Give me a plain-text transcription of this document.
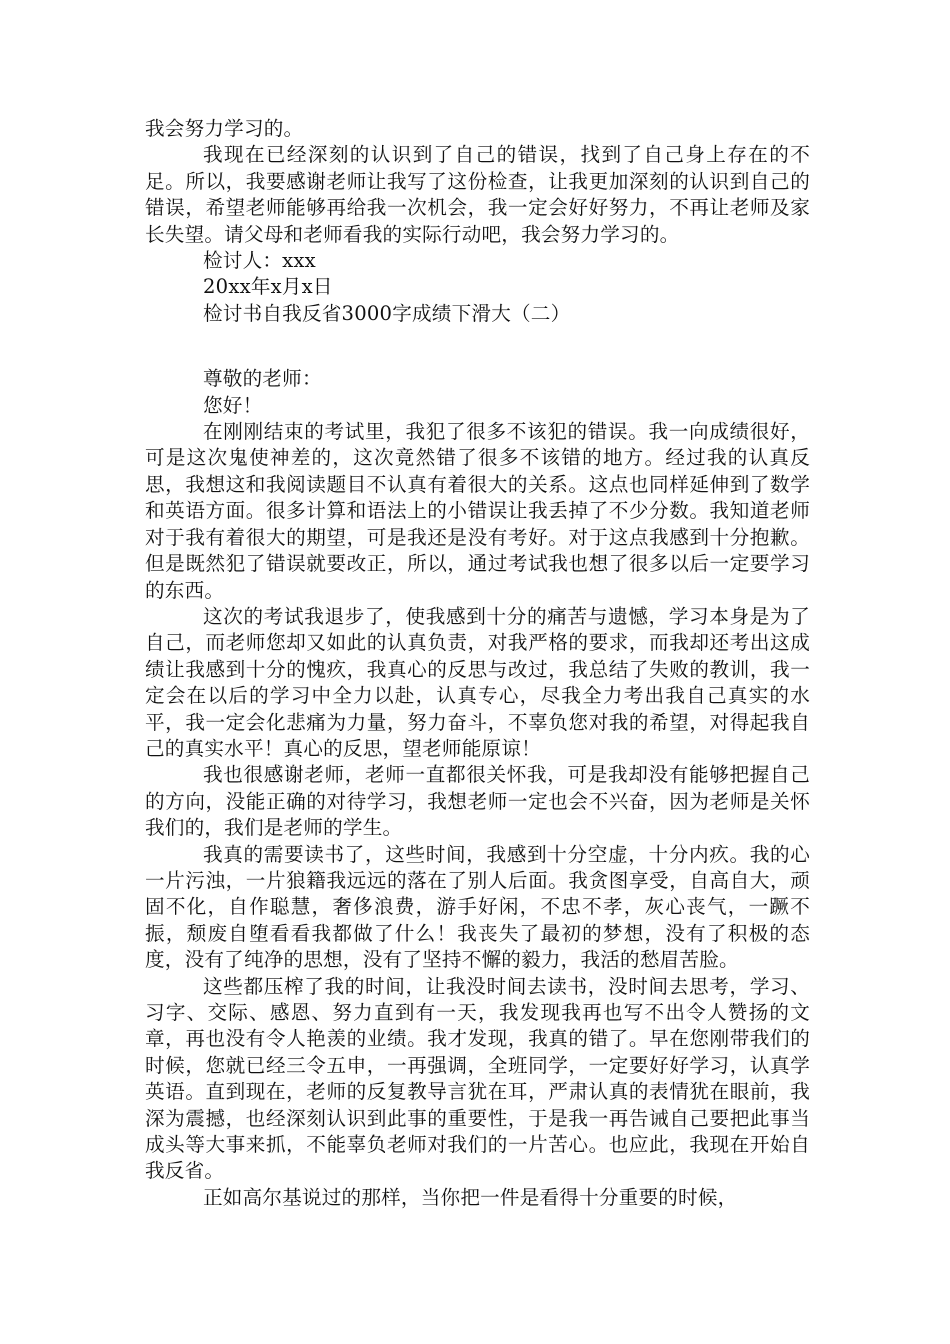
我会努力学习的。

我现在已经深刻的认识到了自己的错误，找到了自己身上存在的不足。所以，我要感谢老师让我写了这份检查，让我更加深刻的认识到自己的错误，希望老师能够再给我一次机会，我一定会好好努力，不再让老师及家长失望。请父母和老师看我的实际行动吧，我会努力学习的。

检讨人：xxx

20xx年x月x日

检讨书自我反省3000字成绩下滑大（二）

尊敬的老师：

您好！

在刚刚结束的考试里，我犯了很多不该犯的错误。我一向成绩很好，可是这次鬼使神差的，这次竟然错了很多不该错的地方。经过我的认真反思，我想这和我阅读题目不认真有着很大的关系。这点也同样延伸到了数学和英语方面。很多计算和语法上的小错误让我丢掉了不少分数。我知道老师对于我有着很大的期望，可是我还是没有考好。对于这点我感到十分抱歉。但是既然犯了错误就要改正，所以，通过考试我也想了很多以后一定要学习的东西。

这次的考试我退步了，使我感到十分的痛苦与遗憾，学习本身是为了自己，而老师您却又如此的认真负责，对我严格的要求，而我却还考出这成绩让我感到十分的愧疚，我真心的反思与改过，我总结了失败的教训，我一定会在以后的学习中全力以赴，认真专心，尽我全力考出我自己真实的水平，我一定会化悲痛为力量，努力奋斗，不辜负您对我的希望，对得起我自己的真实水平！真心的反思，望老师能原谅！

我也很感谢老师，老师一直都很关怀我，可是我却没有能够把握自己的方向，没能正确的对待学习，我想老师一定也会不兴奋，因为老师是关怀我们的，我们是老师的学生。

我真的需要读书了，这些时间，我感到十分空虚，十分内疚。我的心一片污浊，一片狼籍我远远的落在了别人后面。我贪图享受，自高自大，顽固不化，自作聪慧，奢侈浪费，游手好闲，不忠不孝，灰心丧气，一蹶不振，颓废自堕看看我都做了什么！我丧失了最初的梦想，没有了积极的态度，没有了纯净的思想，没有了坚持不懈的毅力，我活的愁眉苦脸。

这些都压榨了我的时间，让我没时间去读书，没时间去思考，学习、习字、交际、感恩、努力直到有一天，我发现我再也写不出令人赞扬的文章，再也没有令人艳羡的业绩。我才发现，我真的错了。早在您刚带我们的时候，您就已经三令五申，一再强调，全班同学，一定要好好学习，认真学英语。直到现在，老师的反复教导言犹在耳，严肃认真的表情犹在眼前，我深为震撼，也经深刻认识到此事的重要性，于是我一再告诫自己要把此事当成头等大事来抓，不能辜负老师对我们的一片苦心。也应此，我现在开始自我反省。

正如高尔基说过的那样，当你把一件是看得十分重要的时候，
